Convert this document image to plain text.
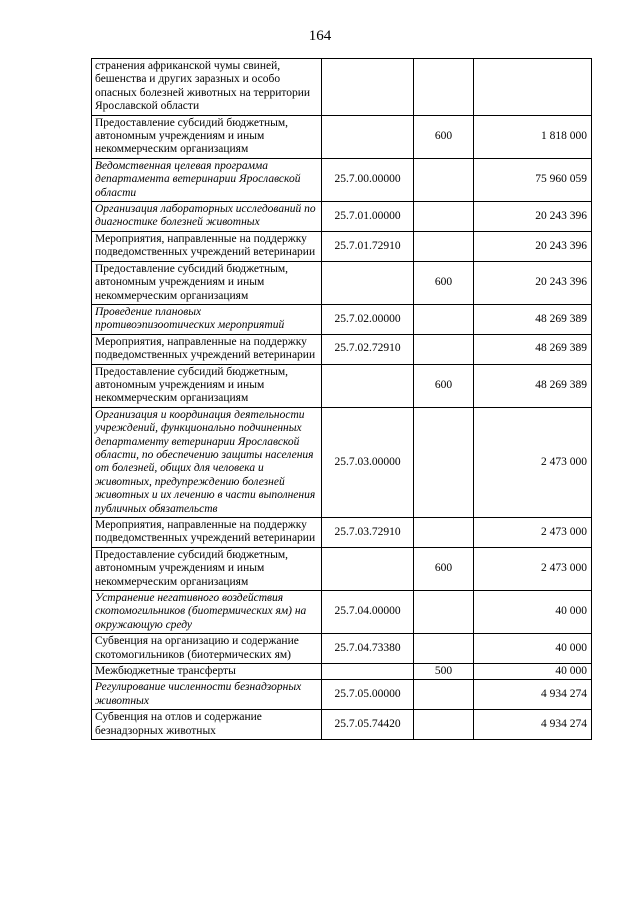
164
странения африканской чумы свиней, бешенства и других заразных и особо опасных болезней животных на территории Ярославской области			
Предоставление субсидий бюджетным, автономным учреждениям и иным некоммерческим организациям		600	1 818 000
Ведомственная целевая программа департамента ветеринарии Ярославской области	25.7.00.00000		75 960 059
Организация лабораторных исследований по диагностике болезней животных	25.7.01.00000		20 243 396
Мероприятия, направленные на поддержку подведомственных учреждений ветеринарии	25.7.01.72910		20 243 396
Предоставление субсидий бюджетным, автономным учреждениям и иным некоммерческим организациям		600	20 243 396
Проведение плановых противоэпизоотических мероприятий	25.7.02.00000		48 269 389
Мероприятия, направленные на поддержку подведомственных учреждений ветеринарии	25.7.02.72910		48 269 389
Предоставление субсидий бюджетным, автономным учреждениям и иным некоммерческим организациям		600	48 269 389
Организация и координация деятельности учреждений, функционально подчиненных департаменту ветеринарии Ярославской области, по обеспечению защиты населения от болезней, общих для человека и животных, предупреждению болезней животных и их лечению в части выполнения публичных обязательств	25.7.03.00000		2 473 000
Мероприятия, направленные на поддержку подведомственных учреждений ветеринарии	25.7.03.72910		2 473 000
Предоставление субсидий бюджетным, автономным учреждениям и иным некоммерческим организациям		600	2 473 000
Устранение негативного воздействия скотомогильников (биотермических ям) на окружающую среду	25.7.04.00000		40 000
Субвенция на организацию и содержание скотомогильников (биотермических ям)	25.7.04.73380		40 000
Межбюджетные трансферты		500	40 000
Регулирование численности безнадзорных животных	25.7.05.00000		4 934 274
Субвенция на отлов и содержание безнадзорных животных	25.7.05.74420		4 934 274
